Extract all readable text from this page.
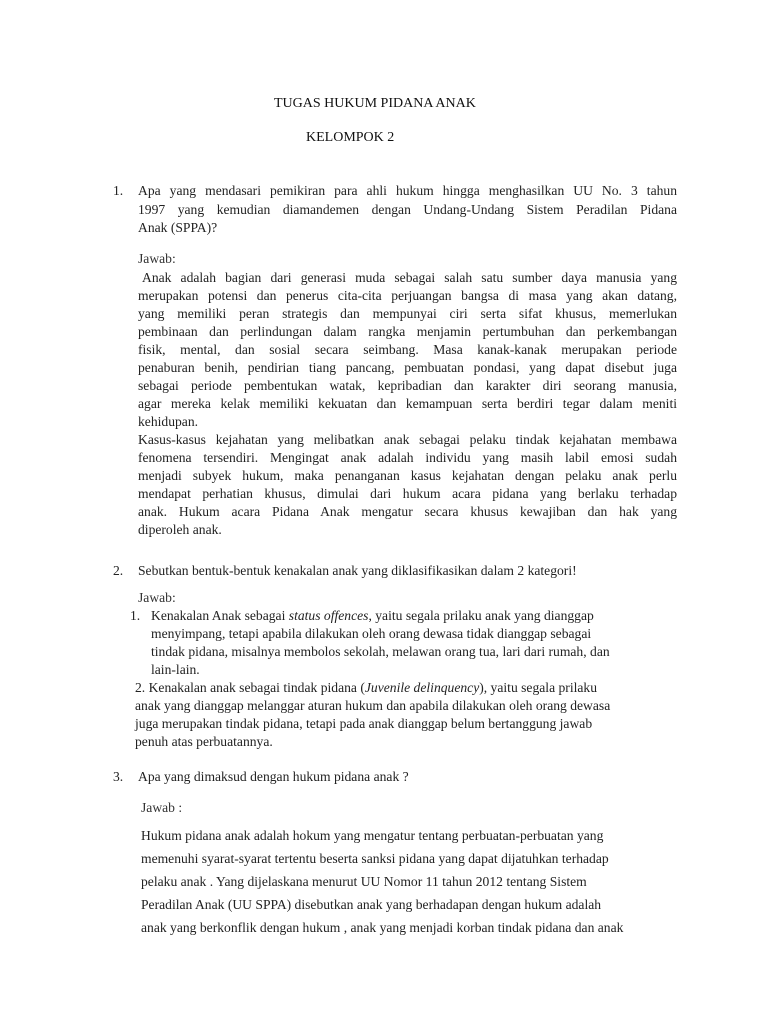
TUGAS HUKUM PIDANA ANAK
KELOMPOK 2
1. Apa yang mendasari pemikiran para ahli hukum hingga menghasilkan UU No. 3 tahun
1997 yang kemudian diamandemen dengan Undang-Undang Sistem Peradilan Pidana
Anak (SPPA)?
Jawab:
Anak adalah bagian dari generasi muda sebagai salah satu sumber daya manusia yang
merupakan potensi dan penerus cita-cita perjuangan bangsa di masa yang akan datang,
yang memiliki peran strategis dan mempunyai ciri serta sifat khusus, memerlukan
pembinaan dan perlindungan dalam rangka menjamin pertumbuhan dan perkembangan
fisik, mental, dan sosial secara seimbang. Masa kanak-kanak merupakan periode
penaburan benih, pendirian tiang pancang, pembuatan pondasi, yang dapat disebut juga
sebagai periode pembentukan watak, kepribadian dan karakter diri seorang manusia,
agar mereka kelak memiliki kekuatan dan kemampuan serta berdiri tegar dalam meniti
kehidupan.
Kasus-kasus kejahatan yang melibatkan anak sebagai pelaku tindak kejahatan membawa
fenomena tersendiri. Mengingat anak adalah individu yang masih labil emosi sudah
menjadi subyek hukum, maka penanganan kasus kejahatan dengan pelaku anak perlu
mendapat perhatian khusus, dimulai dari hukum acara pidana yang berlaku terhadap
anak. Hukum acara Pidana Anak mengatur secara khusus kewajiban dan hak yang
diperoleh anak.
2. Sebutkan bentuk-bentuk kenakalan anak yang diklasifikasikan dalam 2 kategori!
Jawab:
1. Kenakalan Anak sebagai status offences, yaitu segala prilaku anak yang dianggap
menyimpang, tetapi apabila dilakukan oleh orang dewasa tidak dianggap sebagai
tindak pidana, misalnya membolos sekolah, melawan orang tua, lari dari rumah, dan
lain-lain.
2. Kenakalan anak sebagai tindak pidana (Juvenile delinquency), yaitu segala prilaku
anak yang dianggap melanggar aturan hukum dan apabila dilakukan oleh orang dewasa
juga merupakan tindak pidana, tetapi pada anak dianggap belum bertanggung jawab
penuh atas perbuatannya.
3. Apa yang dimaksud dengan hukum pidana anak ?
Jawab :
Hukum pidana anak adalah hokum yang mengatur tentang perbuatan-perbuatan yang
memenuhi syarat-syarat tertentu beserta sanksi pidana yang dapat dijatuhkan terhadap
pelaku anak . Yang dijelaskana menurut UU Nomor 11 tahun 2012 tentang Sistem
Peradilan Anak (UU SPPA) disebutkan anak yang berhadapan dengan hukum adalah
anak yang berkonflik dengan hukum , anak yang menjadi korban tindak pidana dan anak
